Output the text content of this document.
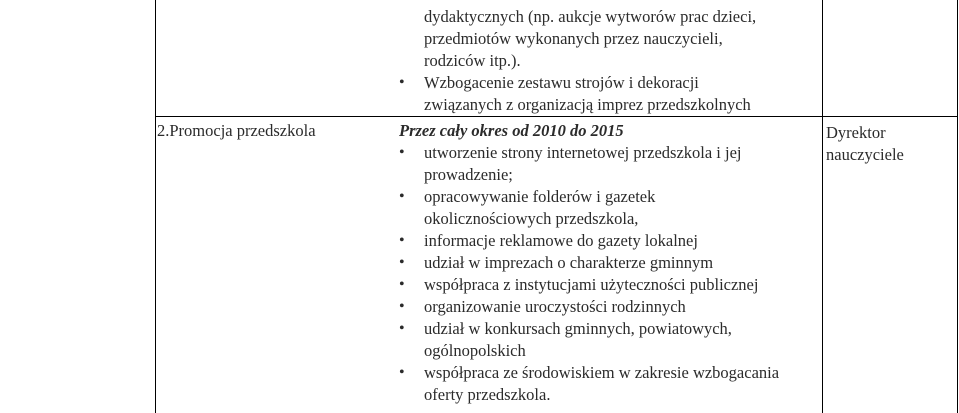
dydaktycznych (np. aukcje wytworów prac dzieci,
przedmiotów wykonanych przez nauczycieli,
rodziców itp.).
• Wzbogacenie zestawu strojów i dekoracji
związanych z organizacją imprez przedszkolnych
2.Promocja przedszkola	Przez cały okres od 2010 do 2015
• utworzenie strony internetowej przedszkola i jej
prowadzenie;
• opracowywanie folderów i gazetek
okolicznościowych przedszkola,
• informacje reklamowe do gazety lokalnej
• udział w imprezach o charakterze gminnym
• współpraca z instytucjami użyteczności publicznej
• organizowanie uroczystości rodzinnych
• udział w konkursach gminnych, powiatowych,
ogólnopolskich
• współpraca ze środowiskiem w zakresie wzbogacania
oferty przedszkola.
Dyrektor
nauczyciele
